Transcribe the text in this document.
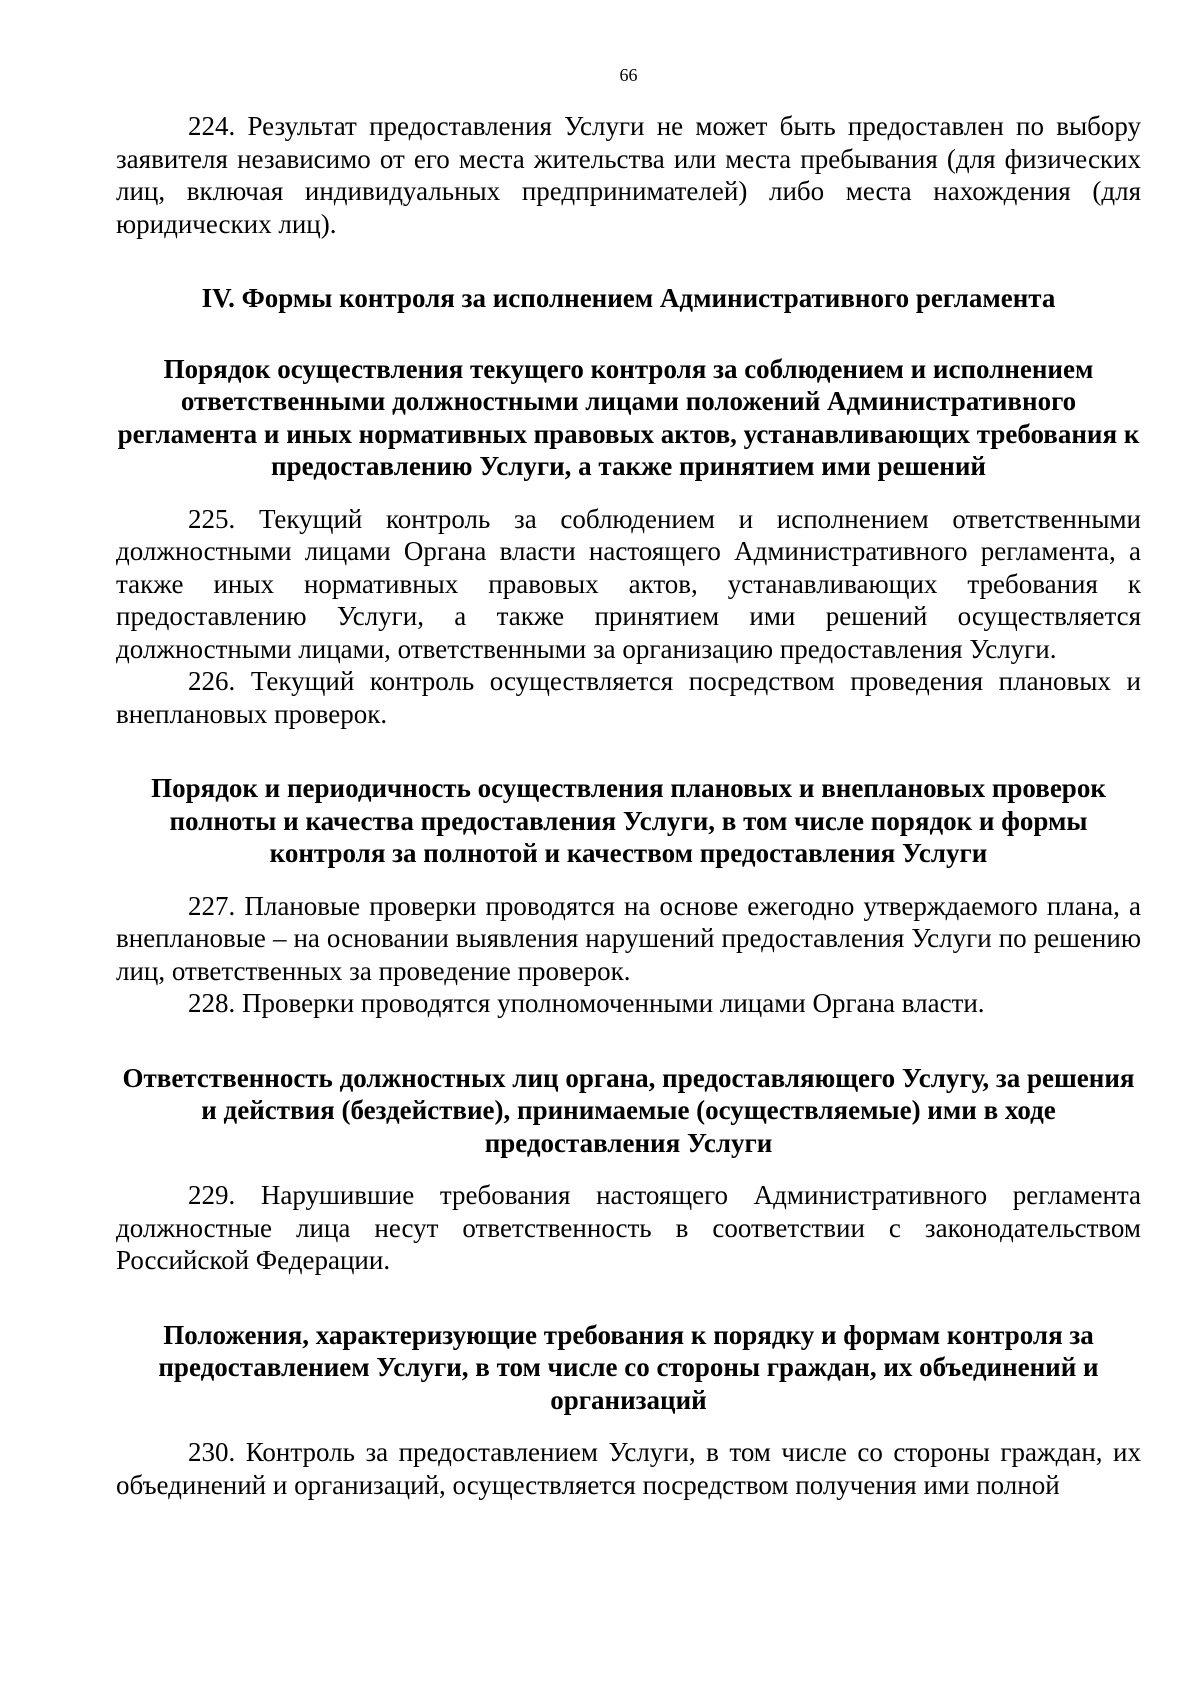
66

224. Результат предоставления Услуги не может быть предоставлен по выбору заявителя независимо от его места жительства или места пребывания (для физических лиц, включая индивидуальных предпринимателей) либо места нахождения (для юридических лиц).

IV. Формы контроля за исполнением Административного регламента

Порядок осуществления текущего контроля за соблюдением и исполнением ответственными должностными лицами положений Административного регламента и иных нормативных правовых актов, устанавливающих требования к предоставлению Услуги, а также принятием ими решений

225. Текущий контроль за соблюдением и исполнением ответственными должностными лицами Органа власти настоящего Административного регламента, а также иных нормативных правовых актов, устанавливающих требования к предоставлению Услуги, а также принятием ими решений осуществляется должностными лицами, ответственными за организацию предоставления Услуги.

226. Текущий контроль осуществляется посредством проведения плановых и внеплановых проверок.

Порядок и периодичность осуществления плановых и внеплановых проверок полноты и качества предоставления Услуги, в том числе порядок и формы контроля за полнотой и качеством предоставления Услуги

227. Плановые проверки проводятся на основе ежегодно утверждаемого плана, а внеплановые – на основании выявления нарушений предоставления Услуги по решению лиц, ответственных за проведение проверок.

228. Проверки проводятся уполномоченными лицами Органа власти.

Ответственность должностных лиц органа, предоставляющего Услугу, за решения и действия (бездействие), принимаемые (осуществляемые) ими в ходе предоставления Услуги

229. Нарушившие требования настоящего Административного регламента должностные лица несут ответственность в соответствии с законодательством Российской Федерации.

Положения, характеризующие требования к порядку и формам контроля за предоставлением Услуги, в том числе со стороны граждан, их объединений и организаций

230. Контроль за предоставлением Услуги, в том числе со стороны граждан, их объединений и организаций, осуществляется посредством получения ими полной
